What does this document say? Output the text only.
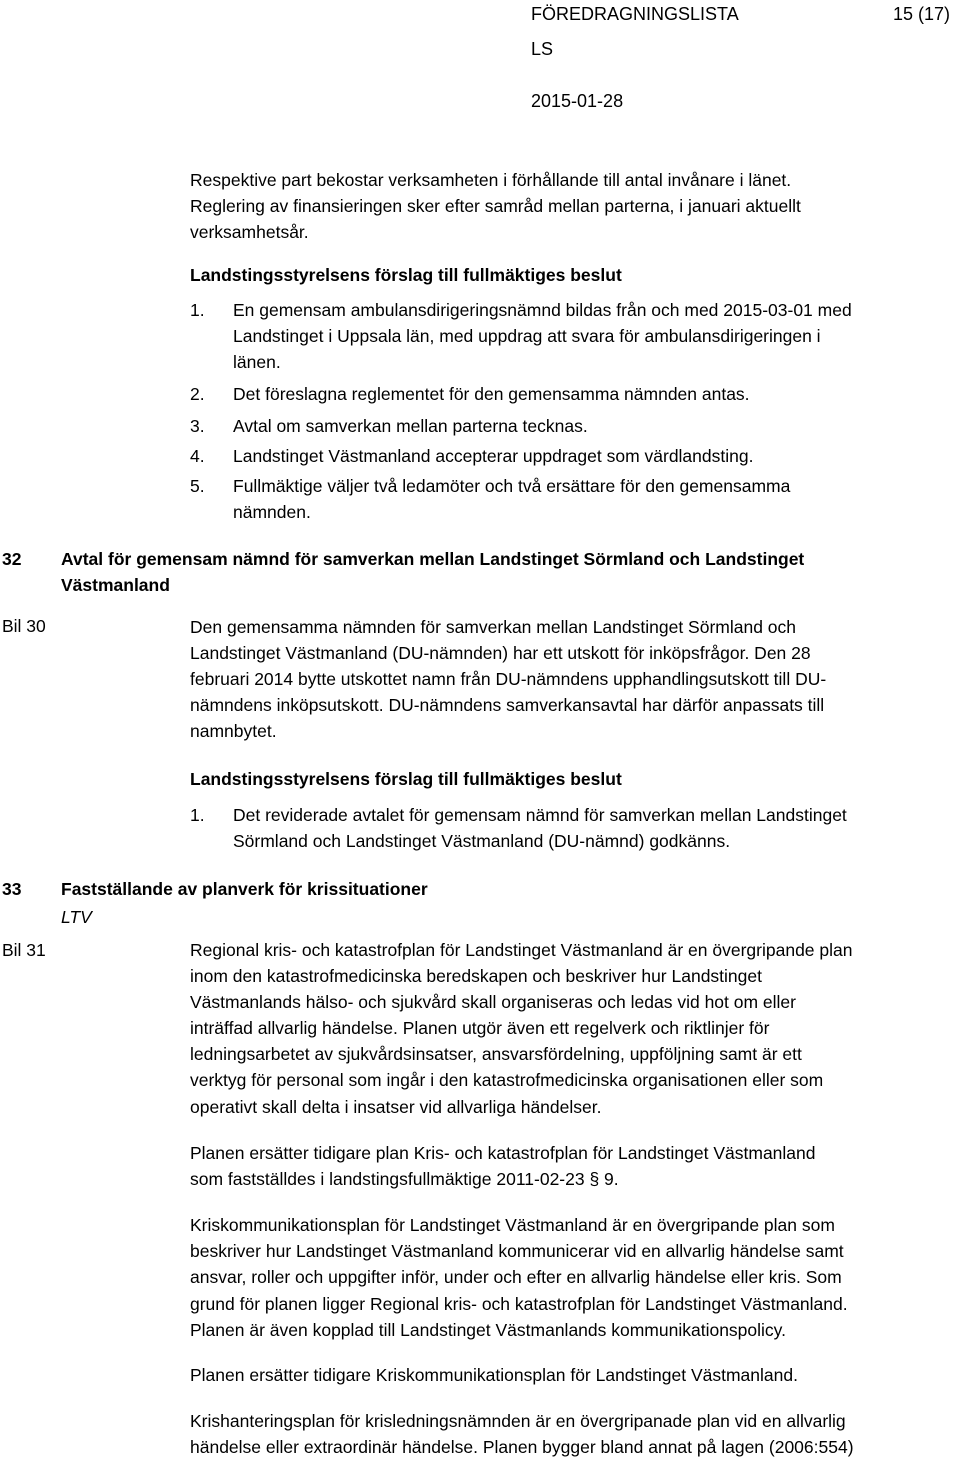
FÖREDRAGNINGSLISTA	15 (17)
LS
2015-01-28
Respektive part bekostar verksamheten i förhållande till antal invånare i länet.
Reglering av finansieringen sker efter samråd mellan parterna, i januari aktuellt
verksamhetsår.
Landstingsstyrelsens förslag till fullmäktiges beslut
1. En gemensam ambulansdirigeringsnämnd bildas från och med 2015-03-01 med
Landstinget i Uppsala län, med uppdrag att svara för ambulansdirigeringen i
länen.
2. Det föreslagna reglementet för den gemensamma nämnden antas.
3. Avtal om samverkan mellan parterna tecknas.
4. Landstinget Västmanland accepterar uppdraget som värdlandsting.
5. Fullmäktige väljer två ledamöter och två ersättare för den gemensamma
nämnden.
32 Avtal för gemensam nämnd för samverkan mellan Landstinget Sörmland och Landstinget
Västmanland
Bil 30	Den gemensamma nämnden för samverkan mellan Landstinget Sörmland och
Landstinget Västmanland (DU-nämnden) har ett utskott för inköpsfrågor. Den 28
februari 2014 bytte utskottet namn från DU-nämndens upphandlingsutskott till DU-
nämndens inköpsutskott. DU-nämndens samverkansavtal har därför anpassats till
namnbytet.
Landstingsstyrelsens förslag till fullmäktiges beslut
1. Det reviderade avtalet för gemensam nämnd för samverkan mellan Landstinget
Sörmland och Landstinget Västmanland (DU-nämnd) godkänns.
33 Fastställande av planverk för krissituationer
LTV
Bil 31	Regional kris- och katastrofplan för Landstinget Västmanland är en övergripande plan
inom den katastrofmedicinska beredskapen och beskriver hur Landstinget
Västmanlands hälso- och sjukvård skall organiseras och ledas vid hot om eller
inträffad allvarlig händelse. Planen utgör även ett regelverk och riktlinjer för
ledningsarbetet av sjukvårdsinsatser, ansvarsfördelning, uppföljning samt är ett
verktyg för personal som ingår i den katastrofmedicinska organisationen eller som
operativt skall delta i insatser vid allvarliga händelser.
Planen ersätter tidigare plan Kris- och katastrofplan för Landstinget Västmanland
som fastställdes i landstingsfullmäktige 2011-02-23 § 9.
Kriskommunikationsplan för Landstinget Västmanland är en övergripande plan som
beskriver hur Landstinget Västmanland kommunicerar vid en allvarlig händelse samt
ansvar, roller och uppgifter inför, under och efter en allvarlig händelse eller kris. Som
grund för planen ligger Regional kris- och katastrofplan för Landstinget Västmanland.
Planen är även kopplad till Landstinget Västmanlands kommunikationspolicy.
Planen ersätter tidigare Kriskommunikationsplan för Landstinget Västmanland.
Krishanteringsplan för krisledningsnämnden är en övergripanade plan vid en allvarlig
händelse eller extraordinär händelse. Planen bygger bland annat på lagen (2006:554)
